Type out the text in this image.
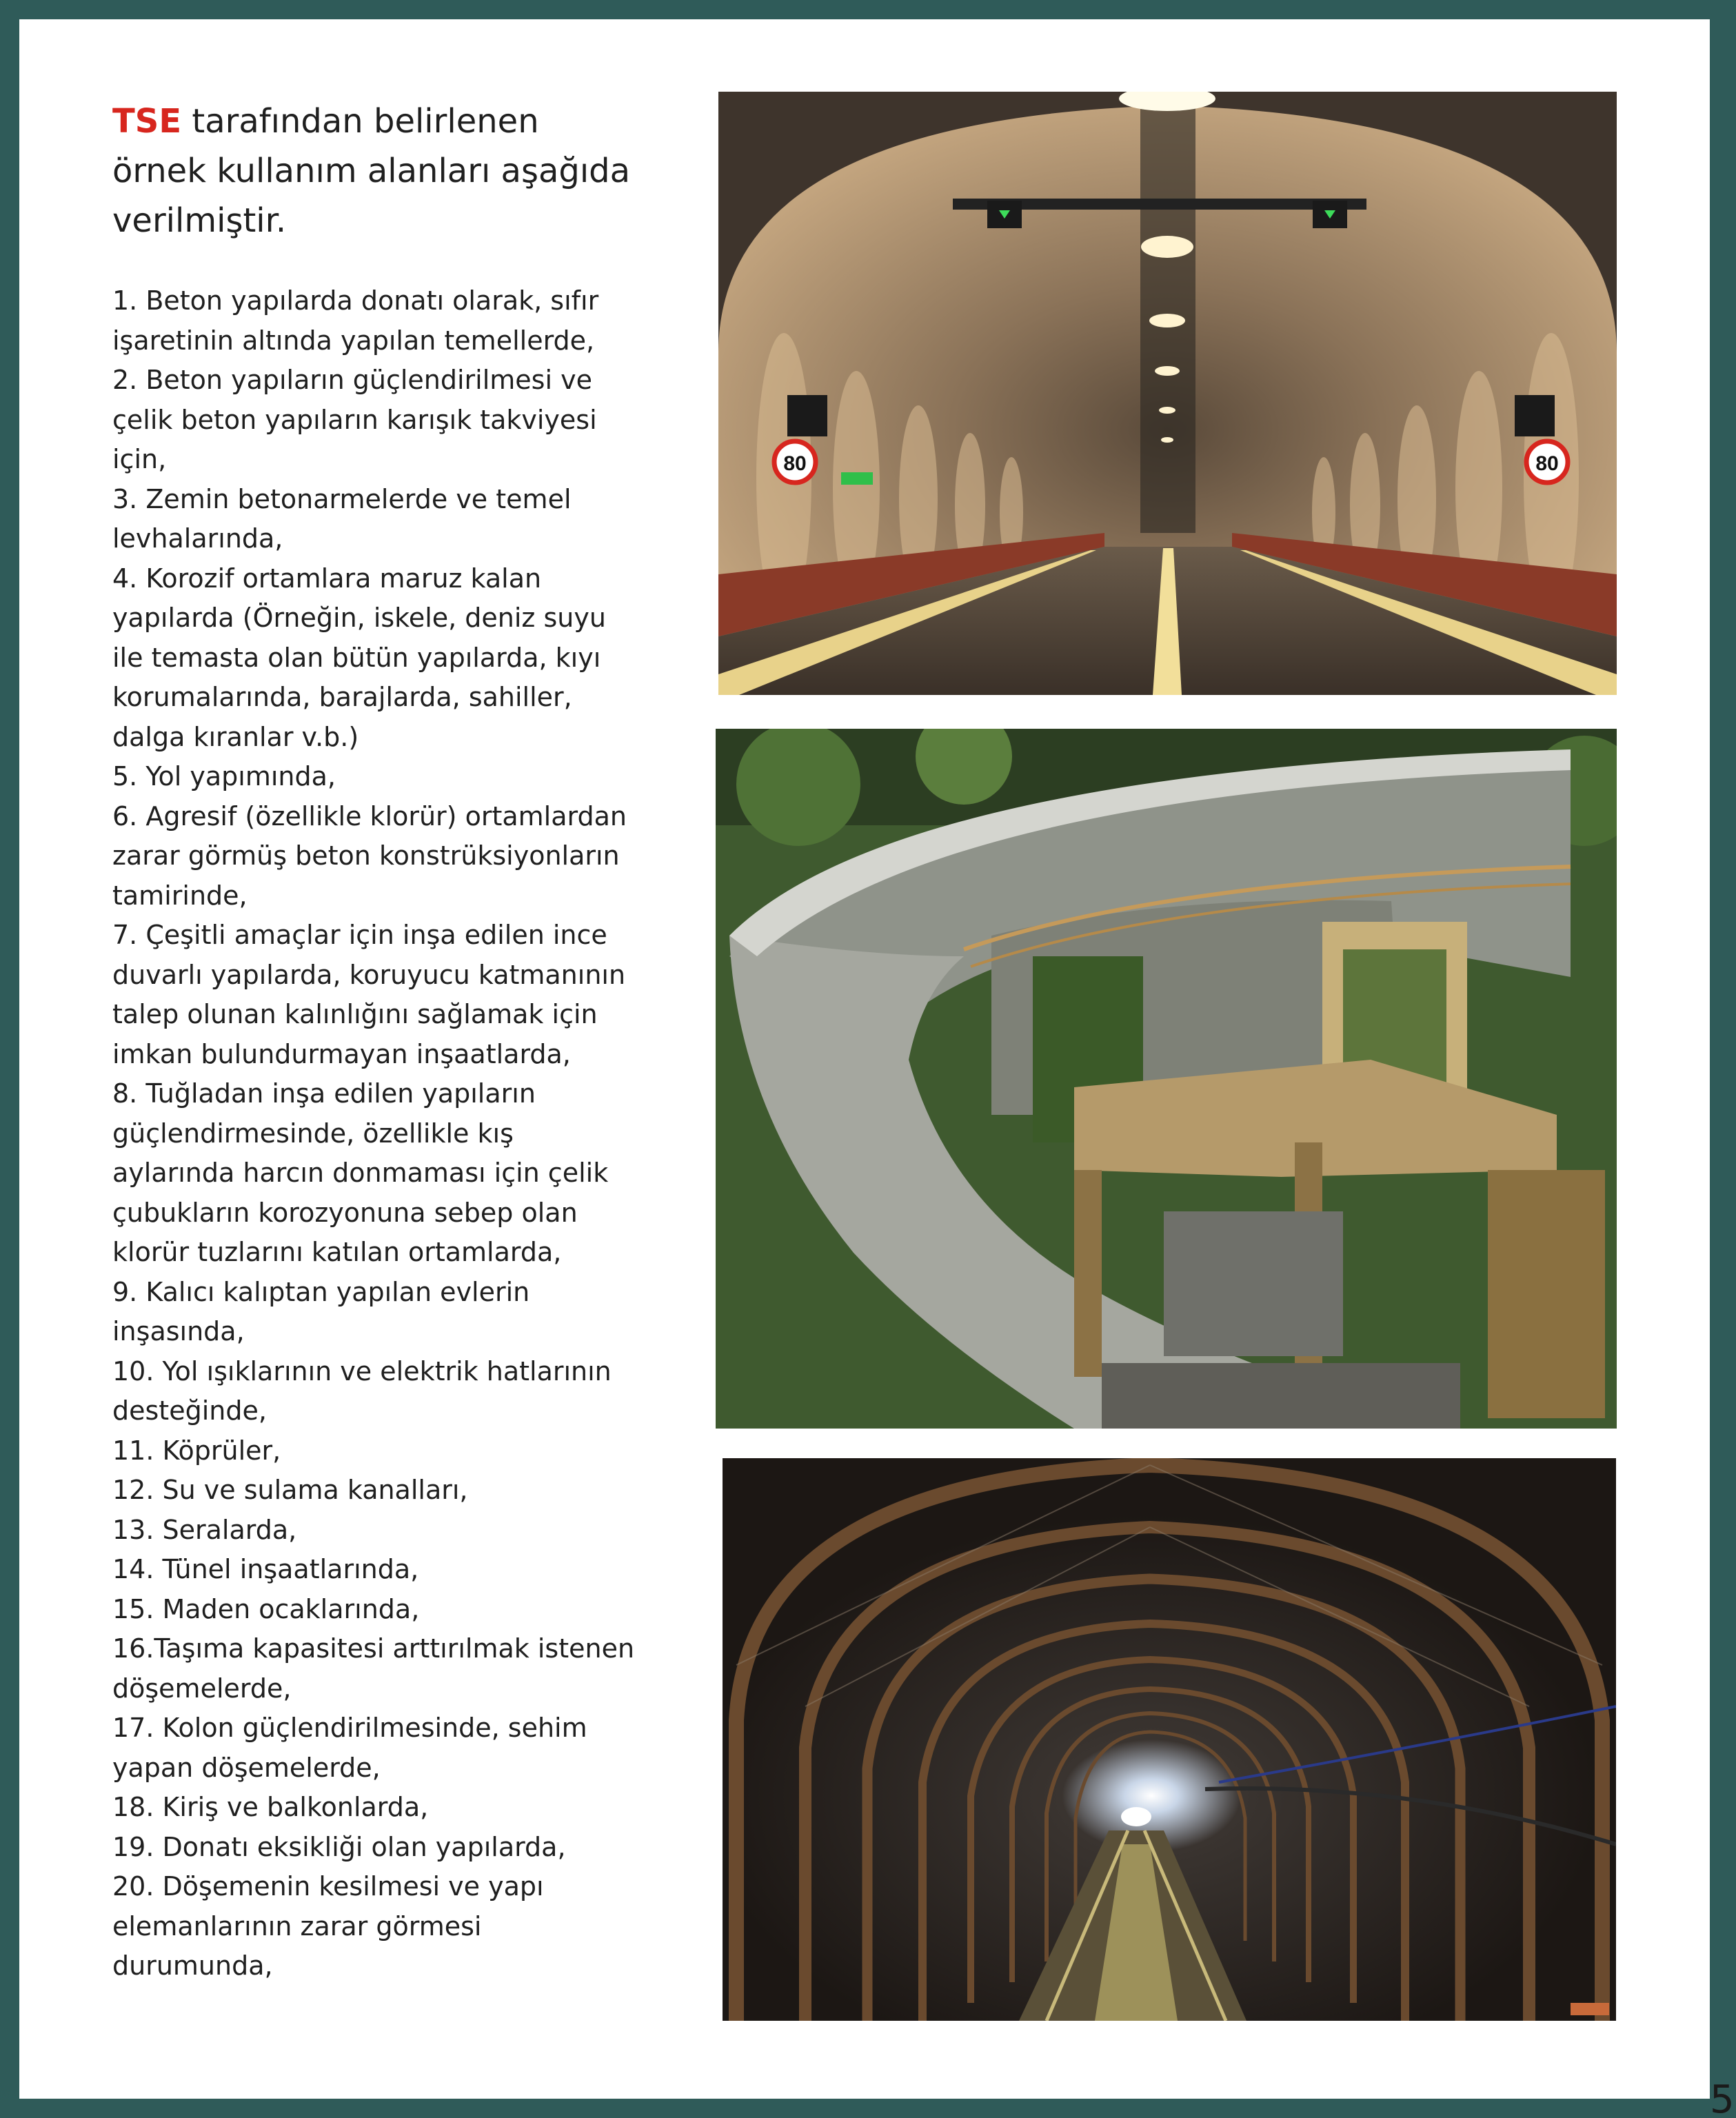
5
TSE tarafından belirlenen örnek kullanım alanları aşağıda verilmiştir.
1. Beton yapılarda donatı olarak, sıfır işaretinin altında yapılan temellerde,
2. Beton yapıların güçlendirilmesi ve çelik beton yapıların karışık takviyesi için,
3. Zemin betonarmelerde ve temel levhalarında,
4. Korozif ortamlara maruz kalan yapılarda (Örneğin, iskele, deniz suyu ile temasta olan bütün yapılarda, kıyı korumalarında, barajlarda, sahiller, dalga kıranlar v.b.)
5. Yol yapımında,
6. Agresif (özellikle klorür) ortamlardan zarar görmüş beton konstrüksiyonların tamirinde,
7. Çeşitli amaçlar için inşa edilen ince duvarlı yapılarda, koruyucu katmanının talep olunan kalınlığını sağlamak için imkan bulundurmayan inşaatlarda,
8. Tuğladan inşa edilen yapıların güçlendirmesinde, özellikle kış aylarında harcın donmaması için çelik çubukların korozyonuna sebep olan klorür tuzlarını katılan ortamlarda,
9. Kalıcı kalıptan yapılan evlerin inşasında,
10. Yol ışıklarının ve elektrik hatlarının desteğinde,
11. Köprüler,
12. Su ve sulama kanalları,
13. Seralarda,
14. Tünel inşaatlarında,
15. Maden ocaklarında,
16.Taşıma kapasitesi arttırılmak istenen döşemelerde,
17. Kolon güçlendirilmesinde, sehim yapan döşemelerde,
18. Kiriş ve balkonlarda,
19. Donatı eksikliği olan yapılarda,
20. Döşemenin kesilmesi ve yapı elemanlarının zarar görmesi durumunda,
80	80
